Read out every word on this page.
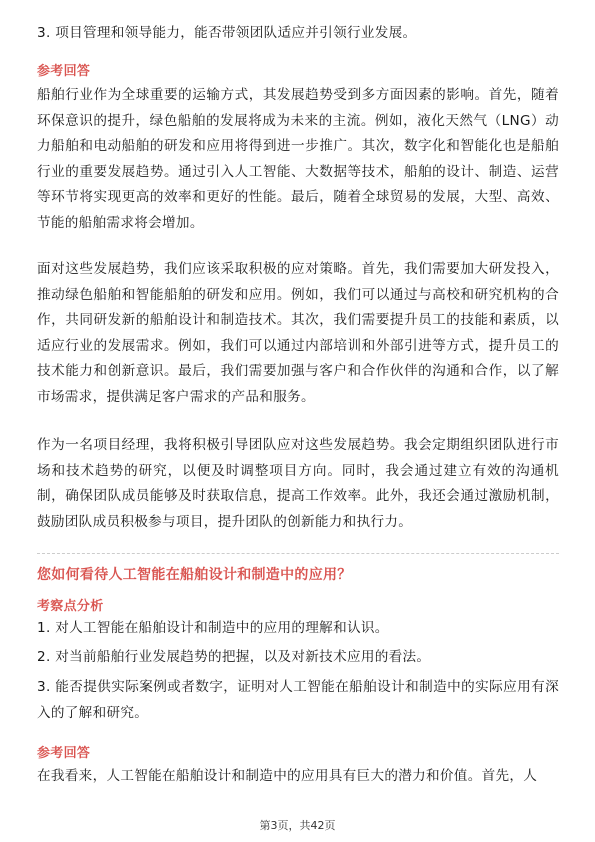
3. 项目管理和领导能力，能否带领团队适应并引领行业发展。
参考回答
船舶行业作为全球重要的运输方式，其发展趋势受到多方面因素的影响。首先，随着环保意识的提升，绿色船舶的发展将成为未来的主流。例如，液化天然气（LNG）动力船舶和电动船舶的研发和应用将得到进一步推广。其次，数字化和智能化也是船舶行业的重要发展趋势。通过引入人工智能、大数据等技术，船舶的设计、制造、运营等环节将实现更高的效率和更好的性能。最后，随着全球贸易的发展，大型、高效、节能的船舶需求将会增加。
面对这些发展趋势，我们应该采取积极的应对策略。首先，我们需要加大研发投入，推动绿色船舶和智能船舶的研发和应用。例如，我们可以通过与高校和研究机构的合作，共同研发新的船舶设计和制造技术。其次，我们需要提升员工的技能和素质，以适应行业的发展需求。例如，我们可以通过内部培训和外部引进等方式，提升员工的技术能力和创新意识。最后，我们需要加强与客户和合作伙伴的沟通和合作，以了解市场需求，提供满足客户需求的产品和服务。
作为一名项目经理，我将积极引导团队应对这些发展趋势。我会定期组织团队进行市场和技术趋势的研究，以便及时调整项目方向。同时，我会通过建立有效的沟通机制，确保团队成员能够及时获取信息，提高工作效率。此外，我还会通过激励机制，鼓励团队成员积极参与项目，提升团队的创新能力和执行力。
您如何看待人工智能在船舶设计和制造中的应用？
考察点分析
1. 对人工智能在船舶设计和制造中的应用的理解和认识。
2. 对当前船舶行业发展趋势的把握，以及对新技术应用的看法。
3. 能否提供实际案例或者数字，证明对人工智能在船舶设计和制造中的实际应用有深入的了解和研究。
参考回答
在我看来，人工智能在船舶设计和制造中的应用具有巨大的潜力和价值。首先，人
第3页，共42页
